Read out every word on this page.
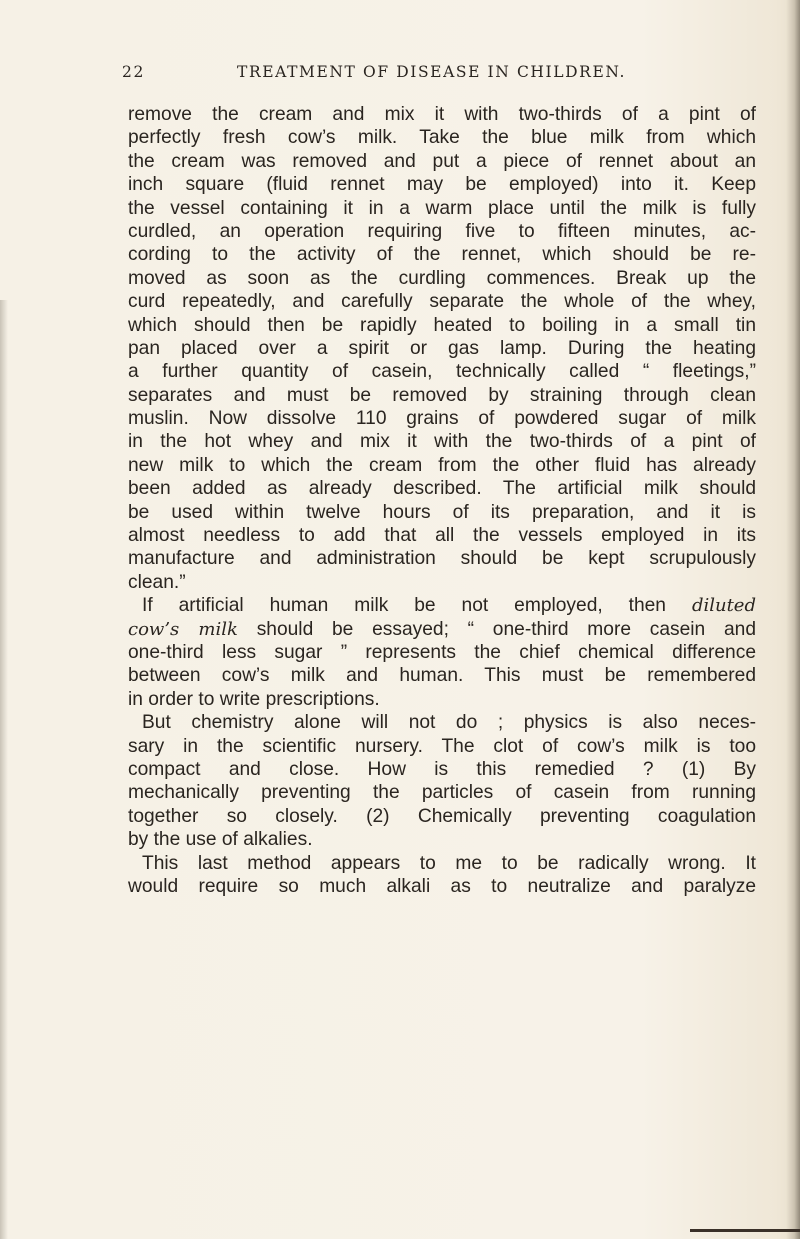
22	TREATMENT OF DISEASE IN CHILDREN.
remove the cream and mix it with two-thirds of a pint of
perfectly fresh cow’s milk. Take the blue milk from which
the cream was removed and put a piece of rennet about an
inch square (fluid rennet may be employed) into it. Keep
the vessel containing it in a warm place until the milk is fully
curdled, an operation requiring five to fifteen minutes, ac-
cording to the activity of the rennet, which should be re-
moved as soon as the curdling commences. Break up the
curd repeatedly, and carefully separate the whole of the whey,
which should then be rapidly heated to boiling in a small tin
pan placed over a spirit or gas lamp. During the heating
a further quantity of casein, technically called “ fleetings,”
separates and must be removed by straining through clean
muslin. Now dissolve 110 grains of powdered sugar of milk
in the hot whey and mix it with the two-thirds of a pint of
new milk to which the cream from the other fluid has already
been added as already described. The artificial milk should
be used within twelve hours of its preparation, and it is
almost needless to add that all the vessels employed in its
manufacture and administration should be kept scrupulously
clean.”
If artificial human milk be not employed, then diluted
cow’s milk should be essayed; “ one-third more casein and
one-third less sugar ” represents the chief chemical difference
between cow’s milk and human. This must be remembered
in order to write prescriptions.
But chemistry alone will not do ; physics is also neces-
sary in the scientific nursery. The clot of cow’s milk is too
compact and close. How is this remedied ? (1) By
mechanically preventing the particles of casein from running
together so closely. (2) Chemically preventing coagulation
by the use of alkalies.
This last method appears to me to be radically wrong. It
would require so much alkali as to neutralize and paralyze
